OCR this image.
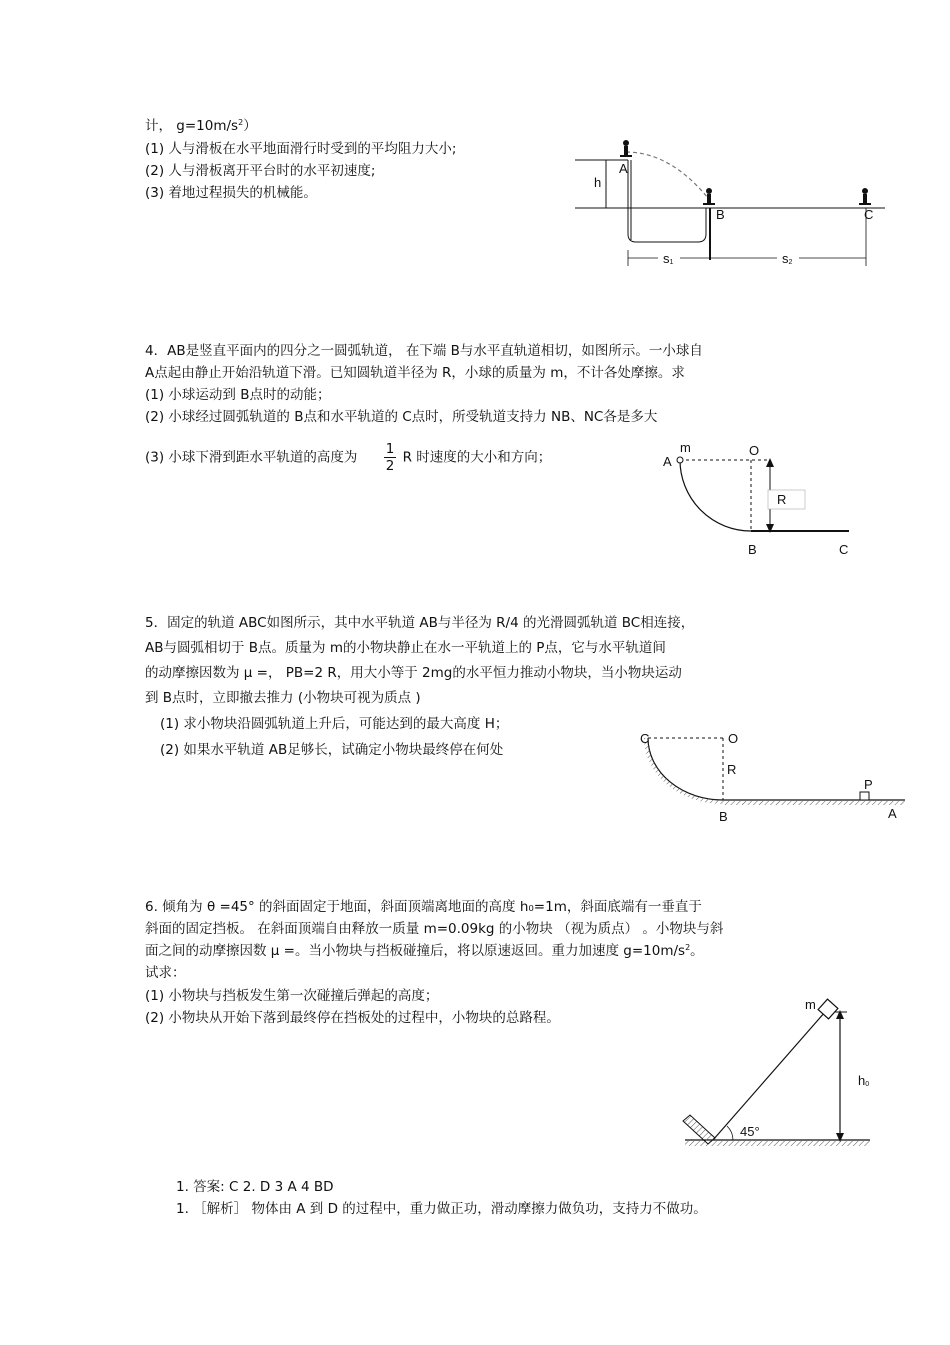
计， $g=10m/s^2$）
(1) 人与滑板在水平地面滑行时受到的平均阻力大小;
(2) 人与滑板离开平台时的水平初速度;
(3) 着地过程损失的机械能。
A
B	C
h
s1	s2
4．AB是竖直平面内的四分之一圆弧轨道， 在下端 B与水平直轨道相切，如图所示。一小球自
A点起由静止开始沿轨道下滑。已知圆轨道半径为 R，小球的质量为 m，不计各处摩擦。求
(1) 小球运动到 B点时的动能；
(2) 小球经过圆弧轨道的 B点和水平轨道的 C点时，所受轨道支持力 NB、NC各是多大
(3) 小球下滑到距水平轨道的高度为 $\frac{1}{2}$ R 时速度的大小和方向；
m
A
O
R
B	C
5．固定的轨道 ABC如图所示，其中水平轨道 AB与半径为 R/4 的光滑圆弧轨道 BC相连接，
AB与圆弧相切于 B点。质量为 m的小物块静止在水一平轨道上的 P点，它与水平轨道间
的动摩擦因数为 μ =， PB=2 R，用大小等于 2mg的水平恒力推动小物块，当小物块运动
到 B点时，立即撤去推力 (小物块可视为质点 )
(1) 求小物块沿圆弧轨道上升后，可能达到的最大高度 H；
(2) 如果水平轨道 AB足够长，试确定小物块最终停在何处
C	O
R
P
B	A
6. 倾角为 θ =45° 的斜面固定于地面，斜面顶端离地面的高度 h₀=1m，斜面底端有一垂直于
斜面的固定挡板。 在斜面顶端自由释放一质量 m=0.09kg 的小物块 （视为质点） 。小物块与斜
面之间的动摩擦因数 μ =。当小物块与挡板碰撞后，将以原速返回。重力加速度 $g=10m/s^2$。
试求：
(1) 小物块与挡板发生第一次碰撞后弹起的高度；
(2) 小物块从开始下落到最终停在挡板处的过程中，小物块的总路程。
m
h0
45°
1. 答案: C 2. D 3 A 4 BD
1. ［解析］ 物体由 A 到 D 的过程中，重力做正功，滑动摩擦力做负功，支持力不做功。
